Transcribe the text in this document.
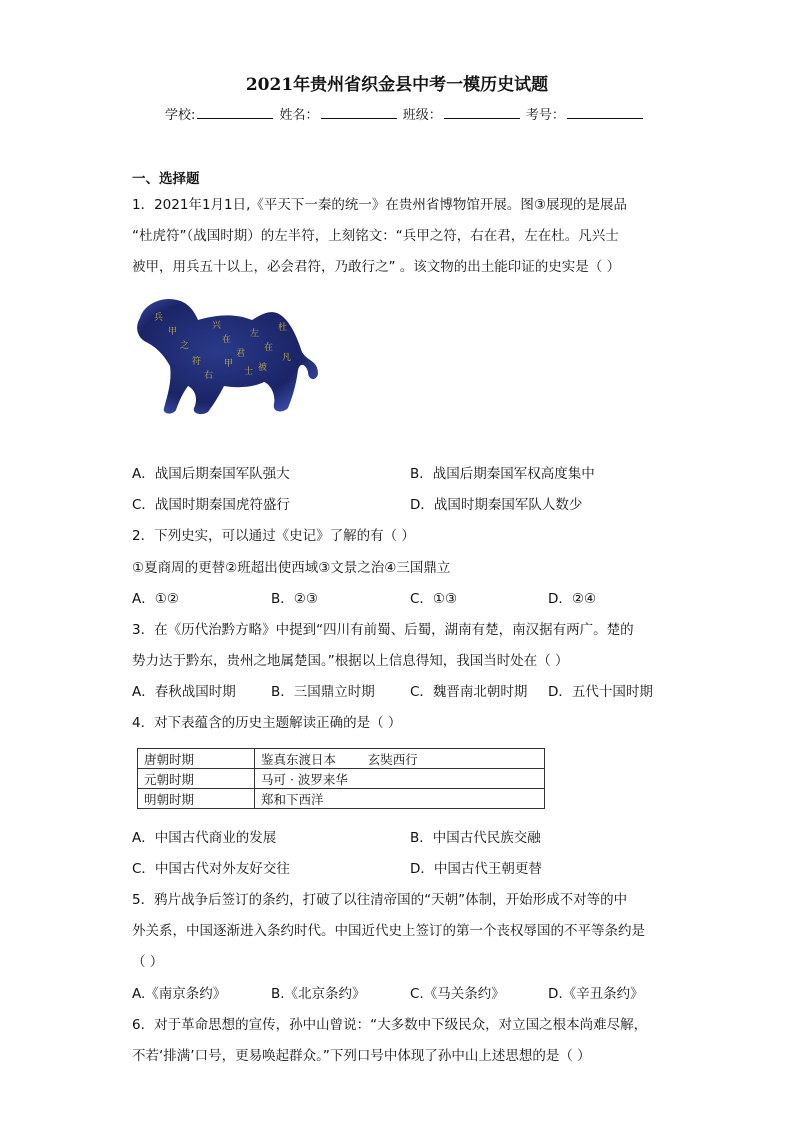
2021年贵州省织金县中考一模历史试题
学校:	姓名：	班级：	考号：
一、选择题
1．2021年1月1日,《平天下一秦的统一》在贵州省博物馆开展。图③展现的是展品
“杜虎符”（战国时期）的左半符，上刻铭文：“兵甲之符，右在君，左在杜。凡兴士
被甲，用兵五十以上，必会君符，乃敢行之” 。该文物的出土能印证的史实是（ ）
兵
甲
之
符
右
在
君
左
在
杜
凡
兴
士 被
甲
A．战国后期秦国军队强大	B．战国后期秦国军权高度集中
C．战国时期秦国虎符盛行	D．战国时期秦国军队人数少
2．下列史实，可以通过《史记》了解的有（ ）
①夏商周的更替②班超出使西域③文景之治④三国鼎立
A．①②	B．②③	C．①③	D．②④
3．在《历代治黔方略》中提到“四川有前蜀、后蜀，湖南有楚，南汉据有两广。楚的
势力达于黔东，贵州之地属楚国。”根据以上信息得知，我国当时处在（ ）
A．春秋战国时期	B．三国鼎立时期	C．魏晋南北朝时期 D．五代十国时期
4．对下表蕴含的历史主题解读正确的是（ ）
唐朝时期	鉴真东渡日本        玄奘西行
元朝时期	马可 · 波罗来华
明朝时期	郑和下西洋
A．中国古代商业的发展	B．中国古代民族交融
C．中国古代对外友好交往	D．中国古代王朝更替
5．鸦片战争后签订的条约，打破了以往清帝国的“天朝”体制，开始形成不对等的中
外关系，中国逐渐进入条约时代。中国近代史上签订的第一个丧权辱国的不平等条约是
（ ）
A.《南京条约》	B.《北京条约》	C.《马关条约》	D.《辛丑条约》
6．对于革命思想的宣传，孙中山曾说：“大多数中下级民众，对立国之根本尚难尽解，
不若‘排满’口号，更易唤起群众。”下列口号中体现了孙中山上述思想的是（ ）
